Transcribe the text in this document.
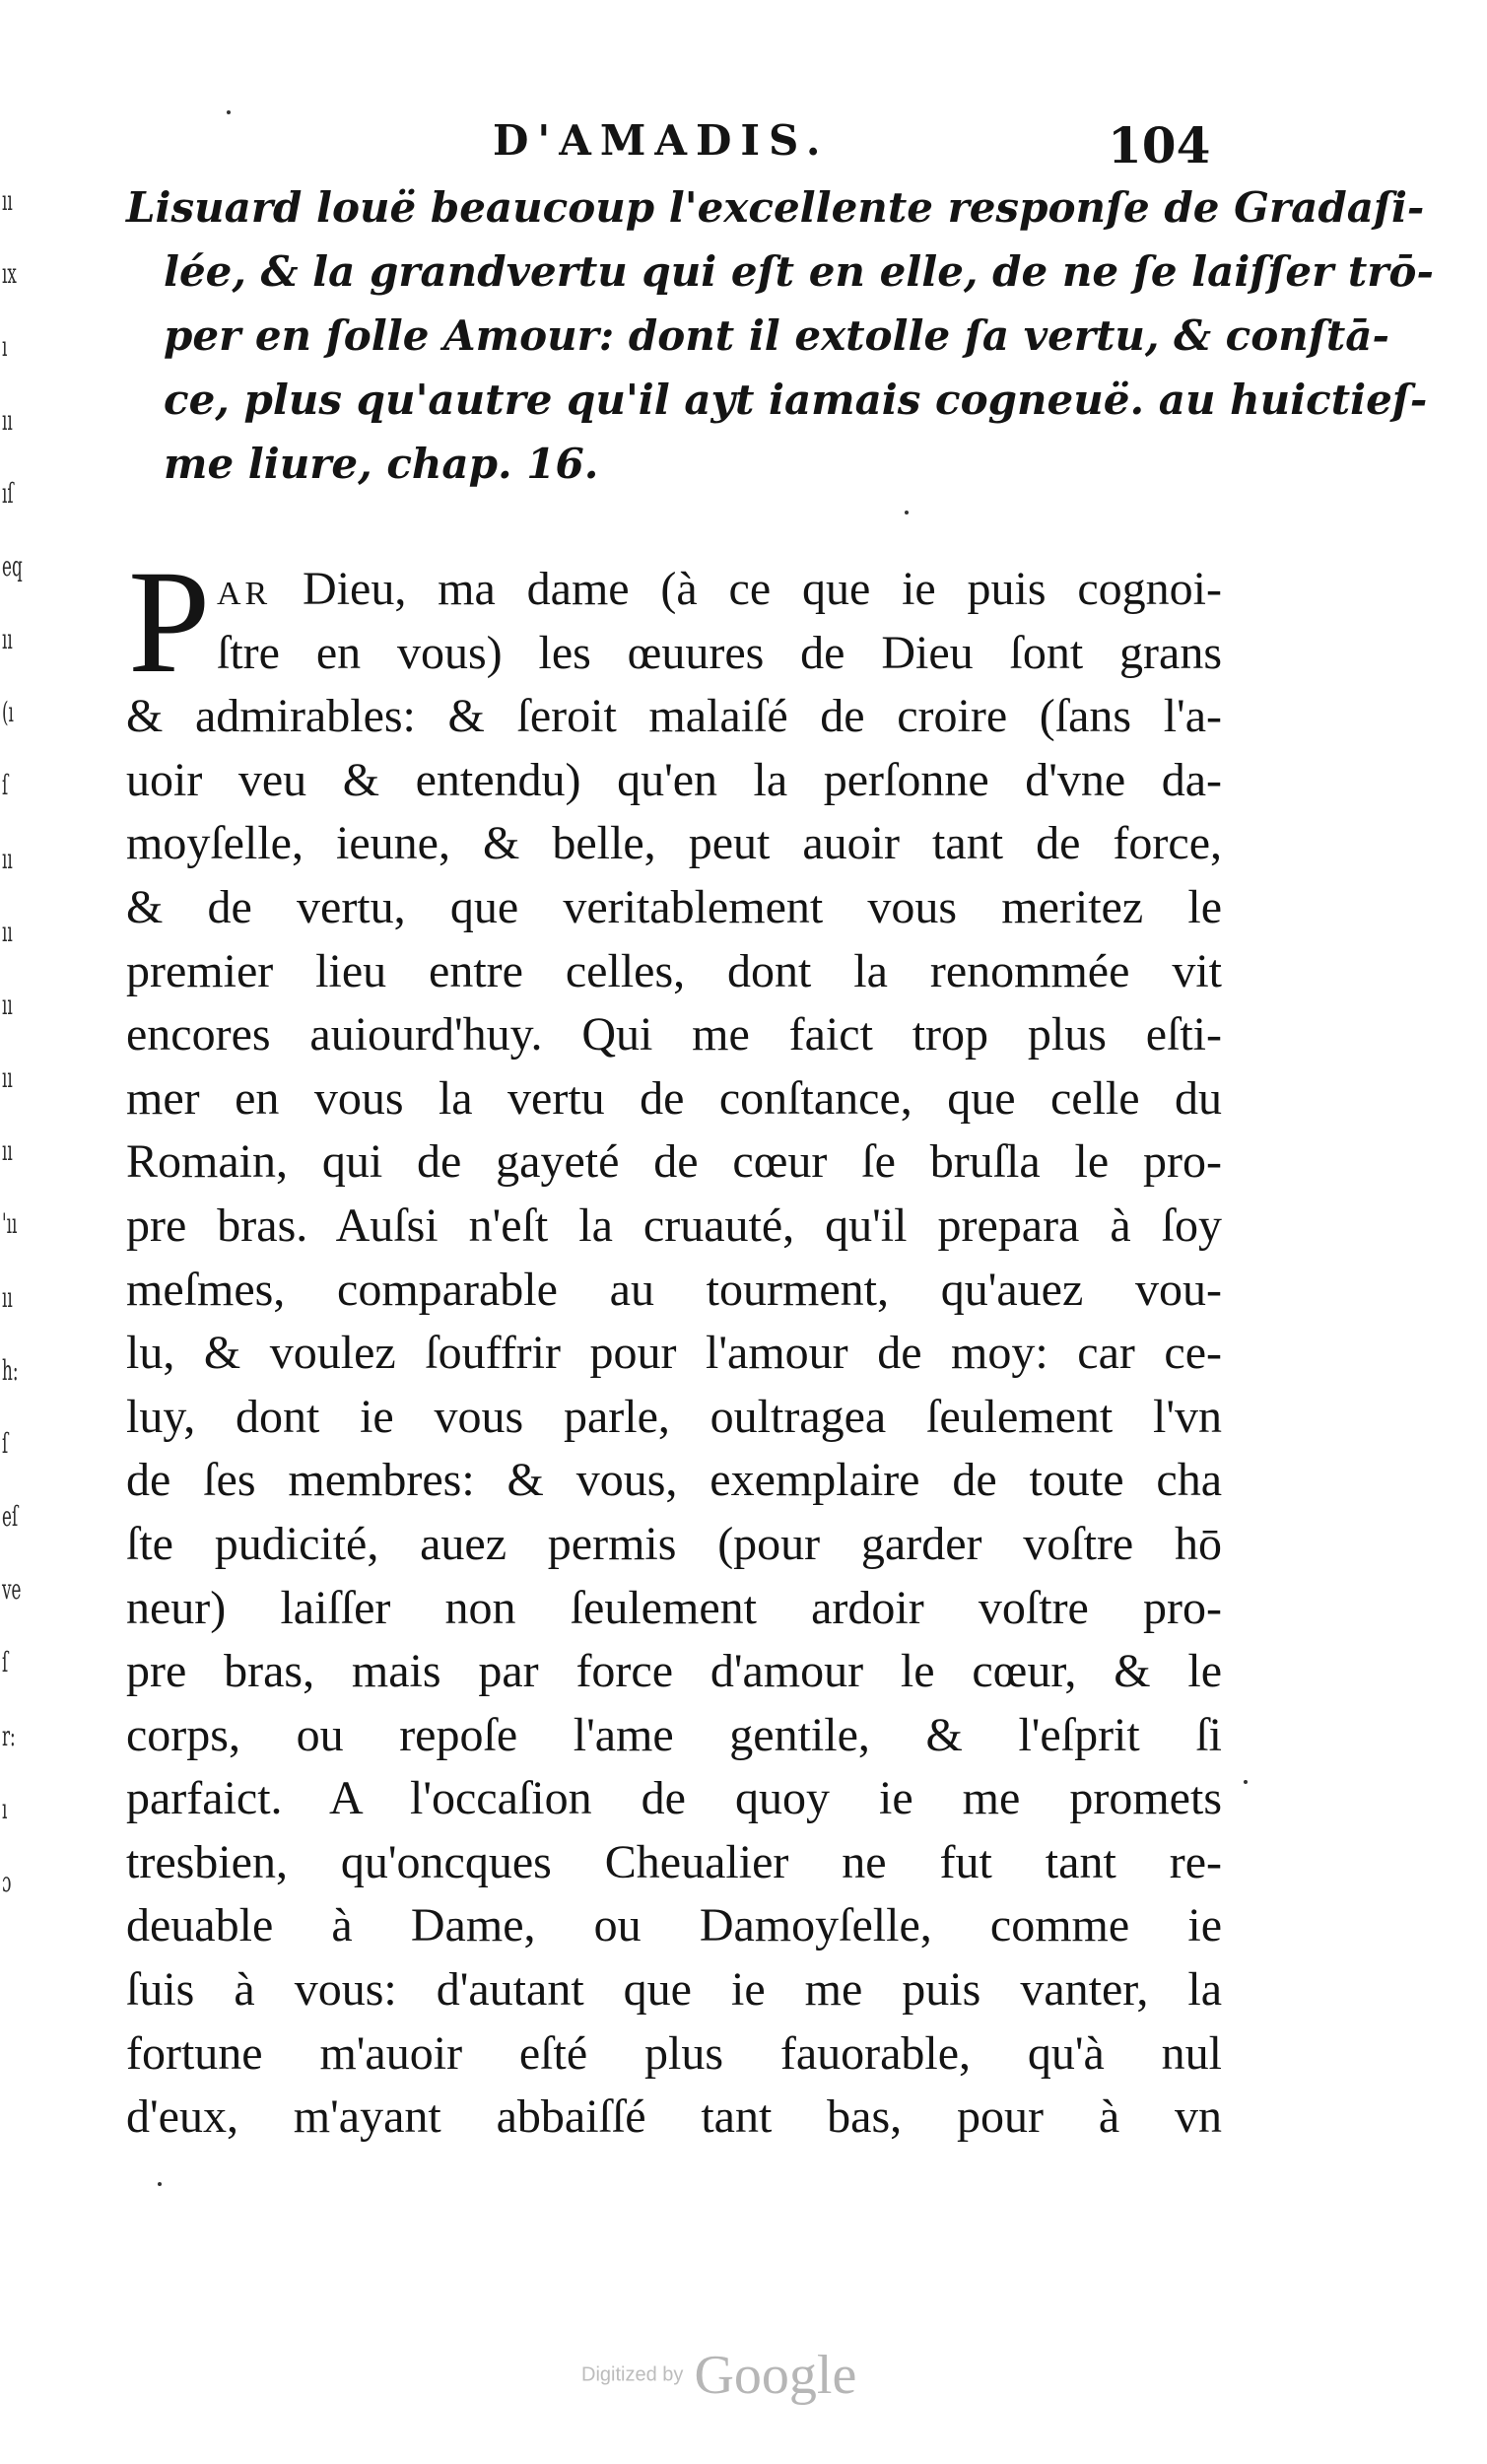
ıı
ıx
ı
ıı
ıſ
eq
ıı
(ı
ſ
ıı
ıı
ıı
ıı
ıı
'ıı
ıı
h:
ſ
eſ
ve
ſ
r:
ı
ɔ
D'AMADIS.	104
Lisuard louë beaucoup l'excellente responſe de Gradaſi-
lée, & la grandvertu qui eſt en elle, de ne ſe laiſſer trō-
per en ſolle Amour: dont il extolle ſa vertu, & conſtā-
ce, plus qu'autre qu'il ayt iamais cogneuë. au huictieſ-
me liure, chap. 16.
P AR Dieu, ma dame (à ce que ie puis cognoi-
ſtre en vous) les œuures de Dieu ſont grans
& admirables: & ſeroit malaiſé de croire (ſans l'a-
uoir veu & entendu) qu'en la perſonne d'vne da-
moyſelle, ieune, & belle, peut auoir tant de force,
& de vertu, que veritablement vous meritez le
premier lieu entre celles, dont la renommée vit
encores auiourd'huy. Qui me faict trop plus eſti-
mer en vous la vertu de conſtance, que celle du
Romain, qui de gayeté de cœur ſe bruſla le pro-
pre bras. Auſsi n'eſt la cruauté, qu'il prepara à ſoy
meſmes, comparable au tourment, qu'auez vou-
lu, & voulez ſouffrir pour l'amour de moy: car ce-
luy, dont ie vous parle, oultragea ſeulement l'vn
de ſes membres: & vous, exemplaire de toute cha
ſte pudicité, auez permis (pour garder voſtre hō
neur) laiſſer non ſeulement ardoir voſtre pro-
pre bras, mais par force d'amour le cœur, & le
corps, ou repoſe l'ame gentile, & l'eſprit ſi
parfaict. A l'occaſion de quoy ie me promets
tresbien, qu'oncques Cheualier ne fut tant re-
deuable à Dame, ou Damoyſelle, comme ie
ſuis à vous: d'autant que ie me puis vanter, la
fortune m'auoir eſté plus fauorable, qu'à nul
d'eux, m'ayant abbaiſſé tant bas, pour à vn
Digitized by Google
